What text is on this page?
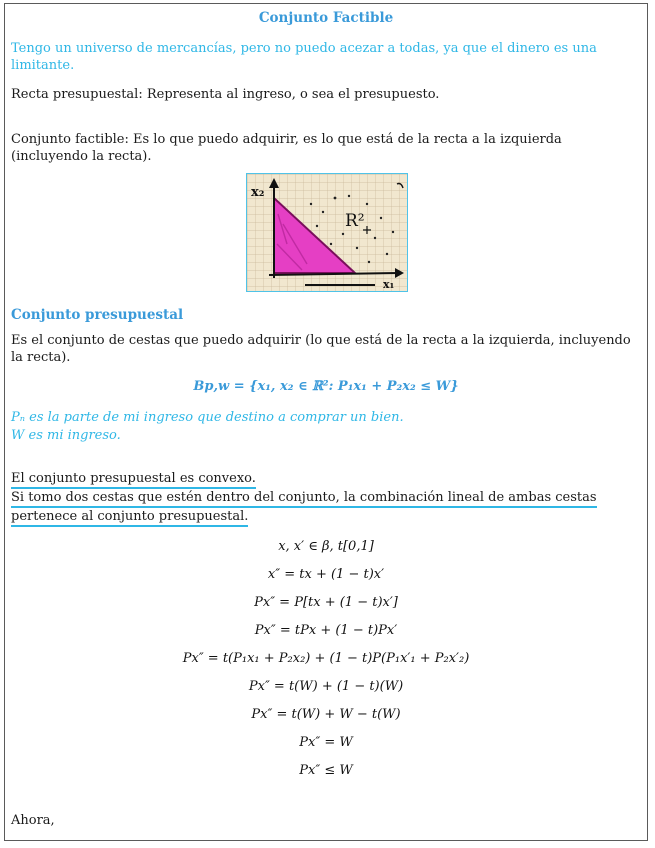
Conjunto Factible
Tengo un universo de mercancías, pero no puedo acezar a todas, ya que el dinero es una limitante.
Recta presupuestal: Representa al ingreso, o sea el presupuesto.
Conjunto factible: Es lo que puedo adquirir, es lo que está de la recta a la izquierda (incluyendo la recta).
x₂
x₁
R²
Conjunto presupuestal
Es el conjunto de cestas que puedo adquirir (lo que está de la recta a la izquierda, incluyendo la recta).
Bp,w = {x₁, x₂ ∈ ℝ²: P₁x₁ + P₂x₂ ≤ W}
Pₙ es la parte de mi ingreso que destino a comprar un bien.
W es mi ingreso.
El conjunto presupuestal es convexo.
Si tomo dos cestas que estén dentro del conjunto, la combinación lineal de ambas cestas
pertenece al conjunto presupuestal.
x, x′ ∈ β, t[0,1]
x″ = tx + (1 − t)x′
Px″ = P[tx + (1 − t)x′]
Px″ = tPx + (1 − t)Px′
Px″ = t(P₁x₁ + P₂x₂) + (1 − t)P(P₁x′₁ + P₂x′₂)
Px″ = t(W) + (1 − t)(W)
Px″ = t(W) + W − t(W)
Px″ = W
Px″ ≤ W
Ahora,
